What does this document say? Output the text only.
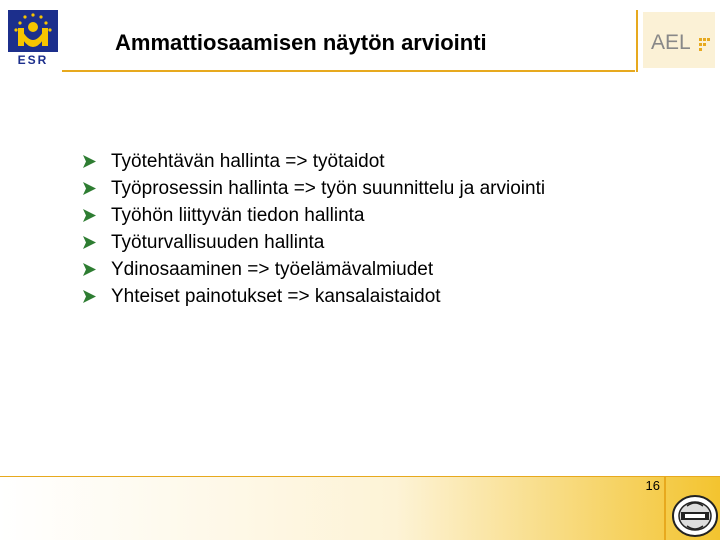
ESR
Ammattiosaamisen näytön arviointi	AEL
Työtehtävän hallinta => työtaidot
Työprosessin hallinta => työn suunnittelu ja arviointi
Työhön liittyvän tiedon hallinta
Työturvallisuuden hallinta
Ydinosaaminen => työelämävalmiudet
Yhteiset painotukset => kansalaistaidot
16
